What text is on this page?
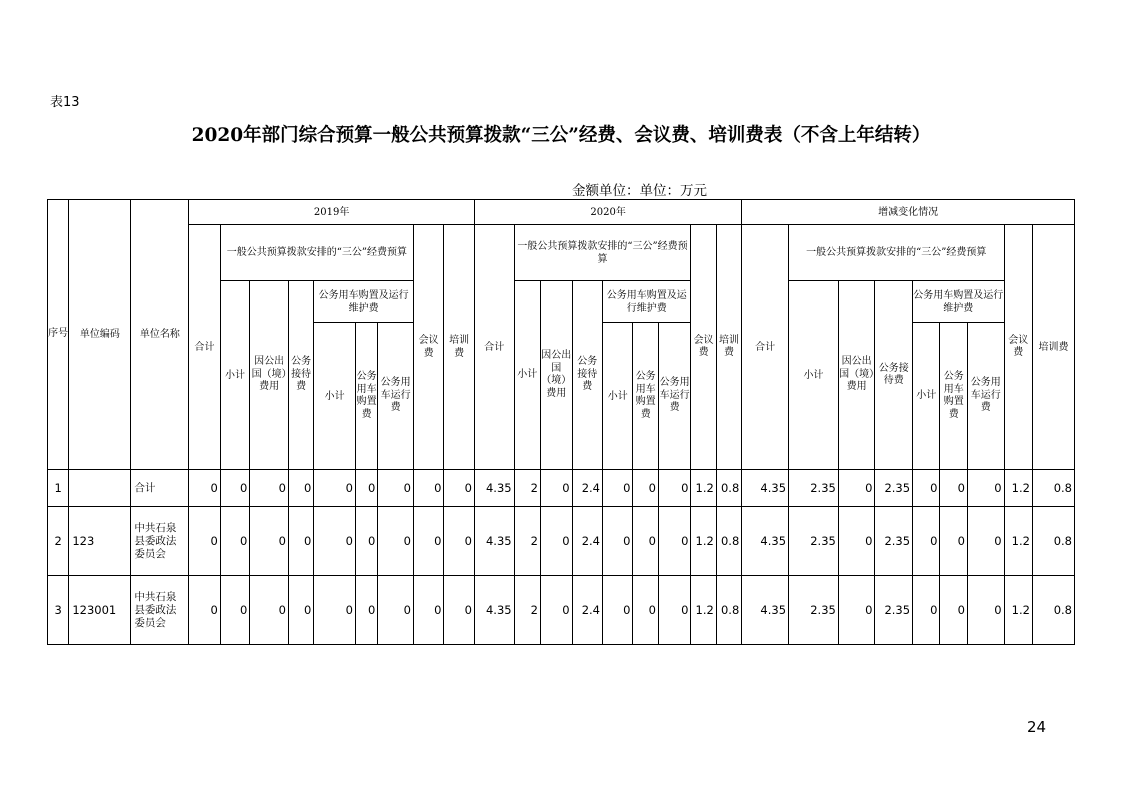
表13
2020年部门综合预算一般公共预算拨款“三公”经费、会议费、培训费表（不含上年结转）
金额单位：单位：万元
序号	单位编码	单位名称	2019年									2020年									增减变化情况								
			合计	一般公共预算拨款安排的“三公”经费预算						会议费	培训费	合计	一般公共预算拨款安排的“三公”经费预算						会议费	培训费	合计	一般公共预算拨款安排的“三公”经费预算						会议费	培训费
				小计	因公出国（境）费用	公务接待费	公务用车购置及运行维护费						小计	因公出国（境）费用	公务接待费	公务用车购置及运行维护费						小计	因公出国（境）费用	公务接待费	公务用车购置及运行维护费				
							小计	公务用车购置费	公务用车运行费							小计	公务用车购置费	公务用车运行费							小计	公务用车购置费	公务用车运行费		
1		合计	0	0	0	0	0	0	0	0	0	4.35	2	0	2.4	0	0	0	1.2	0.8	4.35	2.35	0	2.35	0	0	0	1.2	0.8
2	123	中共石泉县委政法委员会	0	0	0	0	0	0	0	0	0	4.35	2	0	2.4	0	0	0	1.2	0.8	4.35	2.35	0	2.35	0	0	0	1.2	0.8
3	123001	中共石泉县委政法委员会	0	0	0	0	0	0	0	0	0	4.35	2	0	2.4	0	0	0	1.2	0.8	4.35	2.35	0	2.35	0	0	0	1.2	0.8
24
